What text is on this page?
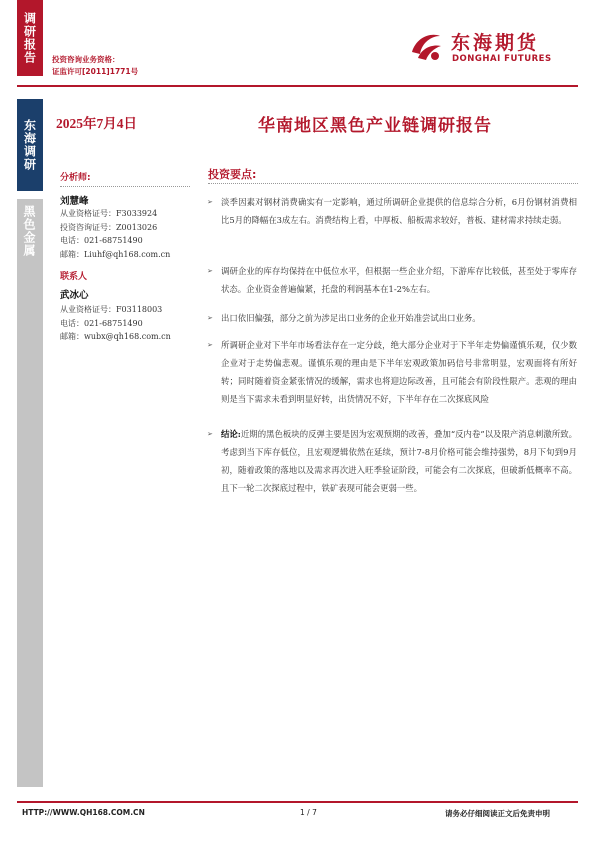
调研报告	投资咨询业务资格：
证监许可[2011]1771号
东海期货
DONGHAI FUTURES
东海调研
黑色金属
2025年7月4日	华南地区黑色产业链调研报告
分析师:
刘慧峰
从业资格证号：F3033924
投资咨询证号：Z0013026
电话：021-68751490
邮箱：Liuhf@qh168.com.cn
联系人
武冰心
从业资格证号：F03118003
电话：021-68751490
邮箱：wubx@qh168.com.cn
投资要点:
➢ 淡季因素对钢材消费确实有一定影响，通过所调研企业提供的信息综合分析，6月份钢材消费相比5月的降幅在3成左右。消费结构上看，中厚板、船板需求较好，普板、建材需求持续走弱。
➢ 调研企业的库存均保持在中低位水平，但根据一些企业介绍，下游库存比较低，甚至处于零库存状态。企业资金普遍偏紧，托盘的利润基本在1-2%左右。
➢ 出口依旧偏强，部分之前为涉足出口业务的企业开始准尝试出口业务。
➢ 所调研企业对下半年市场看法存在一定分歧，绝大部分企业对于下半年走势偏谨慎乐观，仅少数企业对于走势偏悲观。谨慎乐观的理由是下半年宏观政策加码信号非常明显，宏观面将有所好转；同时随着资金紧张情况的缓解，需求也将迎边际改善，且可能会有阶段性限产。悲观的理由则是当下需求未看到明显好转，出货情况不好，下半年存在二次探底风险
➢ 结论:近期的黑色板块的反弹主要是因为宏观预期的改善，叠加“反内卷”以及限产消息刺激所致。考虑到当下库存低位，且宏观逻辑依然在延续，预计7-8月价格可能会维持强势，8月下旬到9月初，随着政策的落地以及需求再次进入旺季验证阶段，可能会有二次探底，但破新低概率不高。且下一轮二次探底过程中，铁矿表现可能会更弱一些。
HTTP://WWW.QH168.COM.CN	1 / 7	请务必仔细阅读正文后免责申明
